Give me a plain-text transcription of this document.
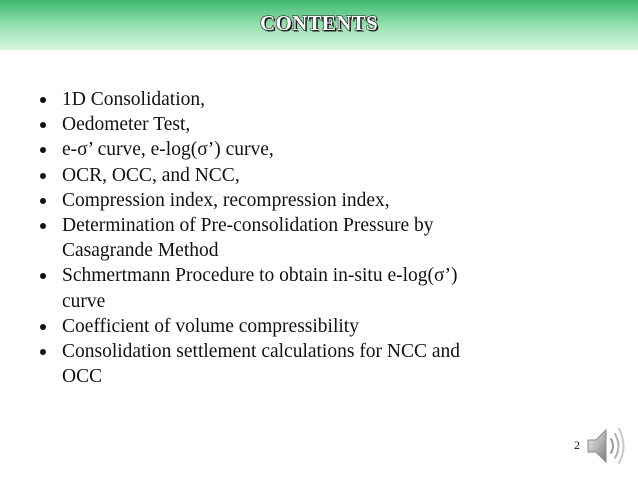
CONTENTS
1D Consolidation,
Oedometer Test,
e-σ’ curve, e-log(σ’) curve,
OCR, OCC, and NCC,
Compression index, recompression index,
Determination of Pre-consolidation Pressure by
Casagrande Method
Schmertmann Procedure to obtain in-situ e-log(σ’)
curve
Coefficient of volume compressibility
Consolidation settlement calculations for NCC and
OCC
2
